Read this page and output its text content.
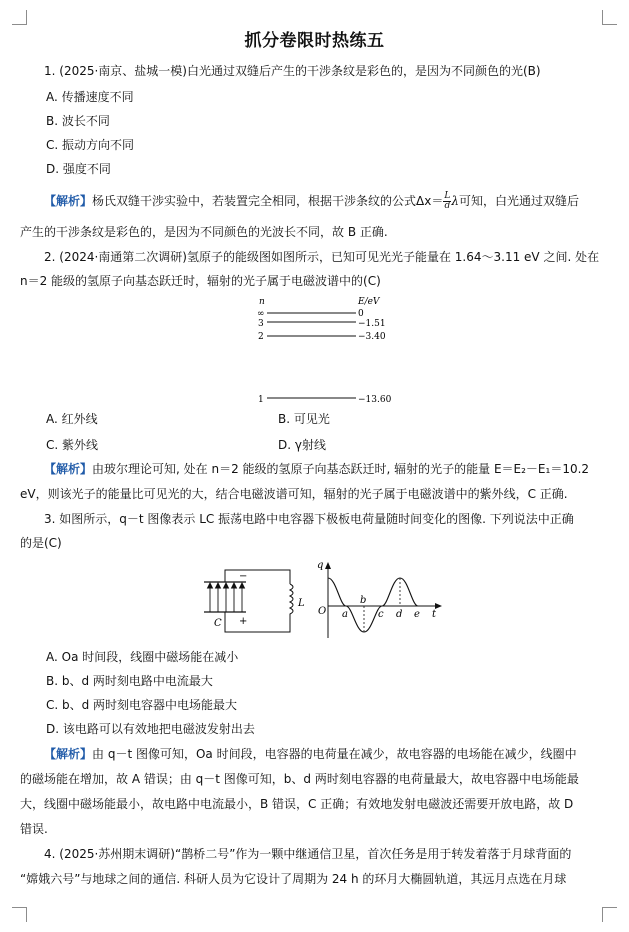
抓分卷限时热练五
1. (2025·南京、盐城一模)白光通过双缝后产生的干涉条纹是彩色的，是因为不同颜色的光(B)
A. 传播速度不同
B. 波长不同
C. 振动方向不同
D. 强度不同
【解析】杨氏双缝干涉实验中，若装置完全相同，根据干涉条纹的公式$\Delta x= \frac{L}{d}$ λ可知，白光通过双缝后
产生的干涉条纹是彩色的，是因为不同颜色的光波长不同，故 B 正确.
2. (2024·南通第二次调研)氢原子的能级图如图所示，已知可见光光子能量在 1.64～3.11 eV 之间. 处在
n＝2 能级的氢原子向基态跃迁时，辐射的光子属于电磁波谱中的(C)
n	E/eV
∞	0
3	−1.51
2	−3.40
1	−13.60
A. 红外线	B. 可见光
C. 紫外线	D. γ射线
【解析】由玻尔理论可知, 处在 n＝2 能级的氢原子向基态跃迁时, 辐射的光子的能量 E＝E₂－E₁＝10.2
eV，则该光子的能量比可见光的大，结合电磁波谱可知，辐射的光子属于电磁波谱中的紫外线，C 正确.
3. 如图所示，q－t 图像表示 LC 振荡电路中电容器下极板电荷量随时间变化的图像. 下列说法中正确
的是(C)
C
L
−
+
q
O a
b
c d e t
A. Oa 时间段，线圈中磁场能在减小
B. b、d 两时刻电路中电流最大
C. b、d 两时刻电容器中电场能最大
D. 该电路可以有效地把电磁波发射出去
【解析】由 q－t 图像可知，Oa 时间段，电容器的电荷量在减少，故电容器的电场能在减少，线圈中
的磁场能在增加，故 A 错误；由 q－t 图像可知，b、d 两时刻电容器的电荷量最大，故电容器中电场能最
大，线圈中磁场能最小，故电路中电流最小，B 错误，C 正确；有效地发射电磁波还需要开放电路，故 D
错误.
4. (2025·苏州期末调研)“鹊桥二号”作为一颗中继通信卫星，首次任务是用于转发着落于月球背面的
“嫦娥六号”与地球之间的通信. 科研人员为它设计了周期为 24 h 的环月大椭圆轨道，其远月点选在月球
